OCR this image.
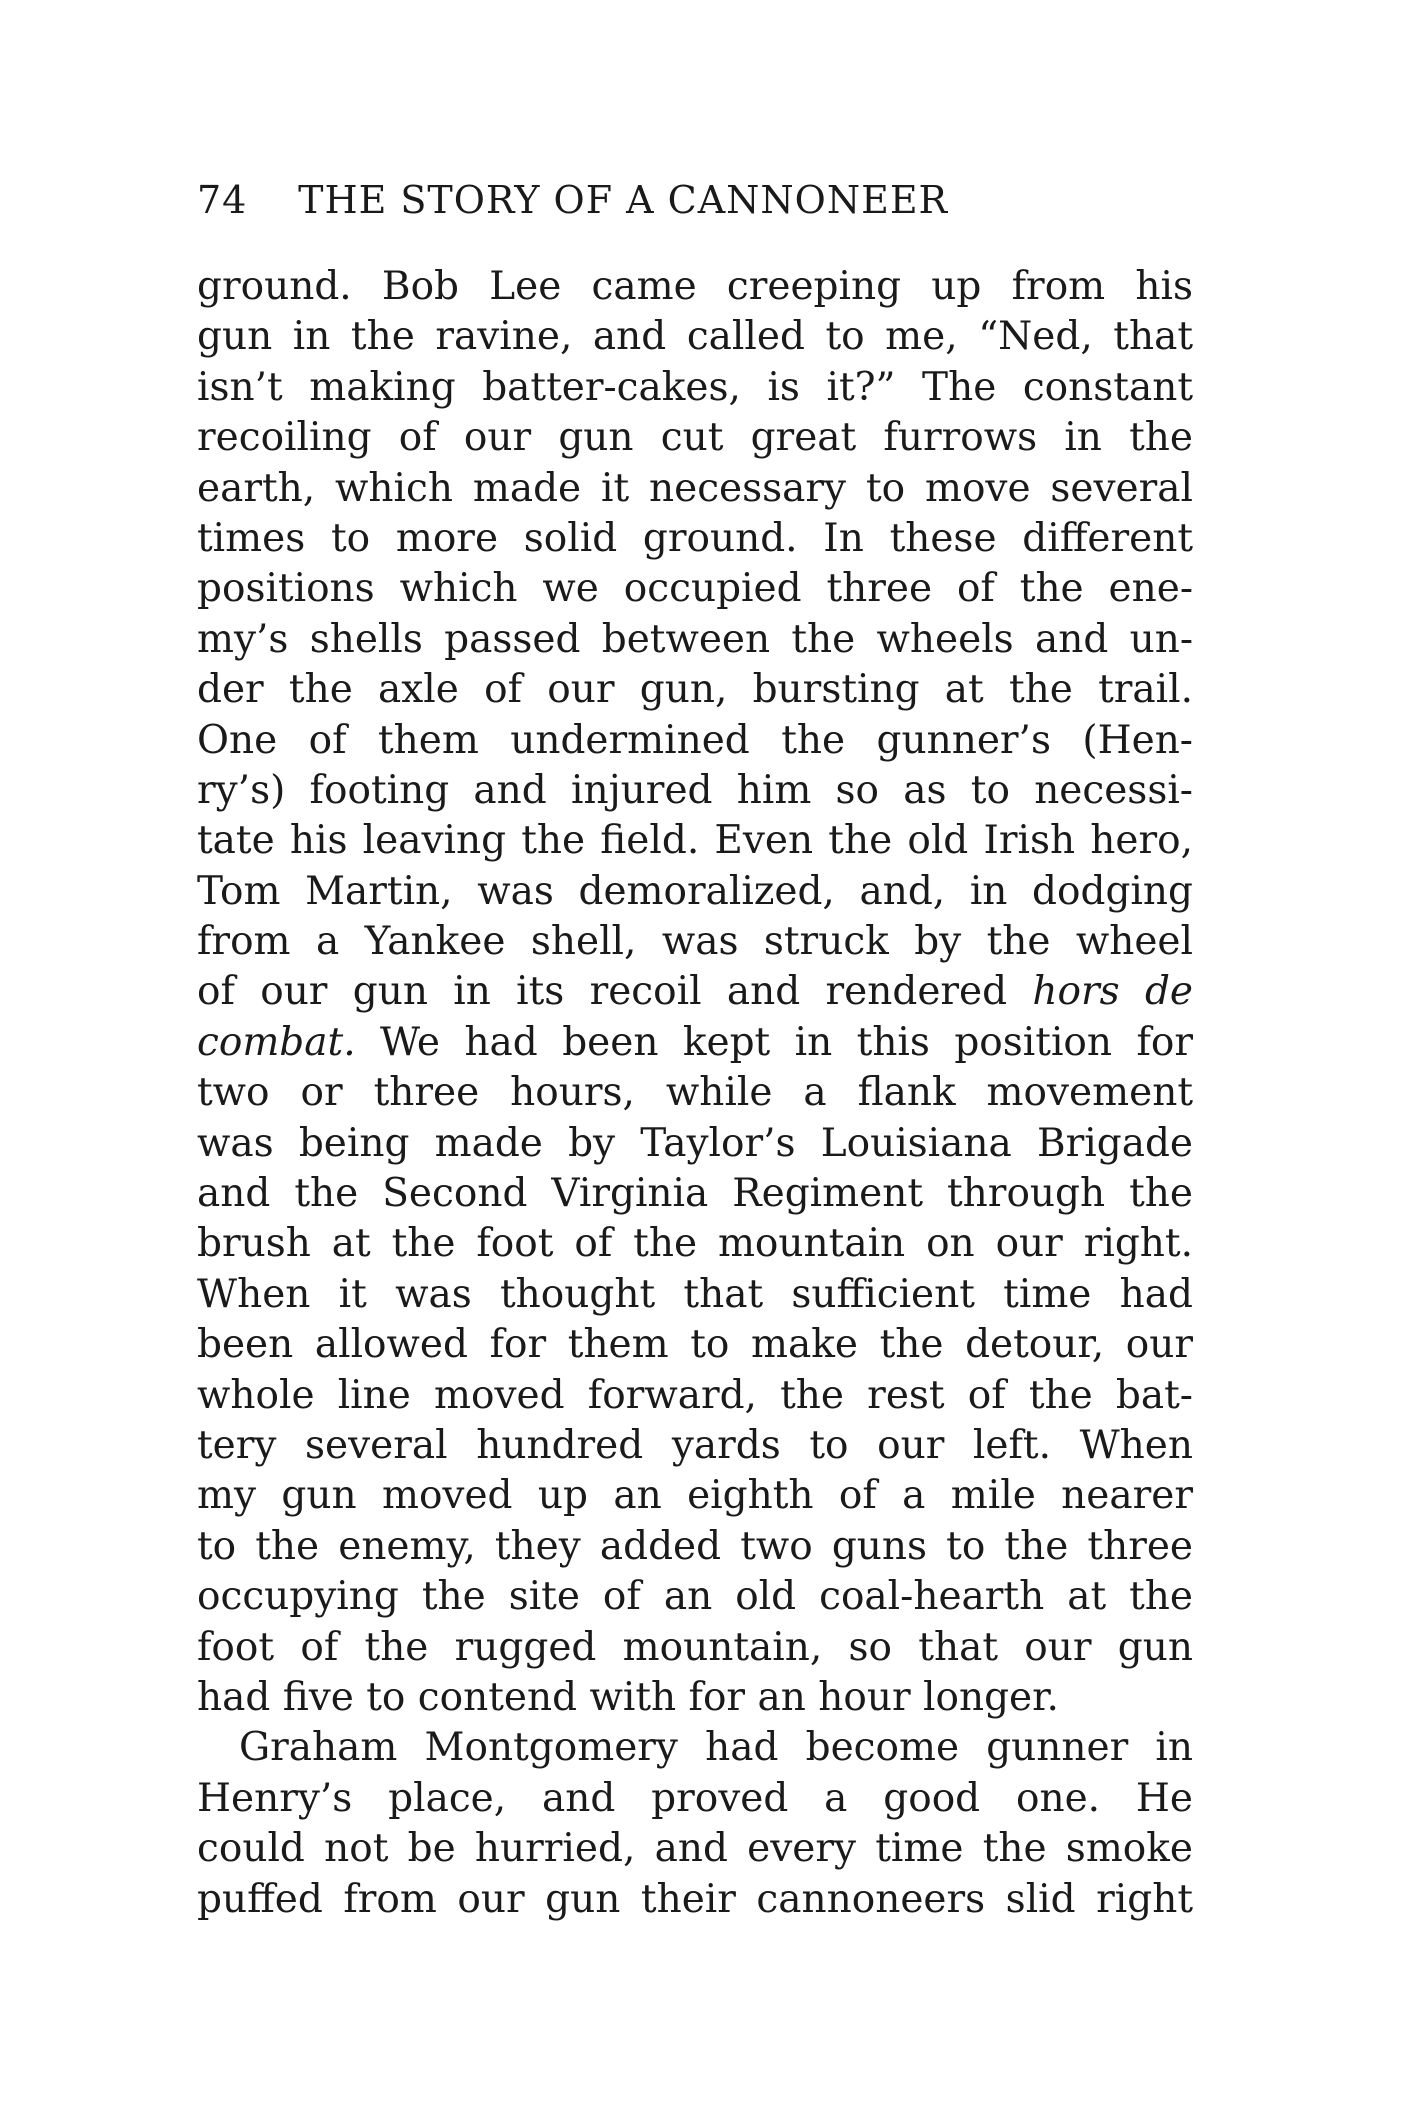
74 THE STORY OF A CANNONEER
ground. Bob Lee came creeping up from his
gun in the ravine, and called to me, “Ned, that
isn’t making batter-cakes, is it?” The constant
recoiling of our gun cut great furrows in the
earth, which made it necessary to move several
times to more solid ground. In these different
positions which we occupied three of the ene-
my’s shells passed between the wheels and un-
der the axle of our gun, bursting at the trail.
One of them undermined the gunner’s (Hen-
ry’s) footing and injured him so as to necessi-
tate his leaving the field. Even the old Irish hero,
Tom Martin, was demoralized, and, in dodging
from a Yankee shell, was struck by the wheel
of our gun in its recoil and rendered hors de
combat. We had been kept in this position for
two or three hours, while a flank movement
was being made by Taylor’s Louisiana Brigade
and the Second Virginia Regiment through the
brush at the foot of the mountain on our right.
When it was thought that sufficient time had
been allowed for them to make the detour, our
whole line moved forward, the rest of the bat-
tery several hundred yards to our left. When
my gun moved up an eighth of a mile nearer
to the enemy, they added two guns to the three
occupying the site of an old coal-hearth at the
foot of the rugged mountain, so that our gun
had five to contend with for an hour longer.
Graham Montgomery had become gunner in
Henry’s place, and proved a good one. He
could not be hurried, and every time the smoke
puffed from our gun their cannoneers slid right
